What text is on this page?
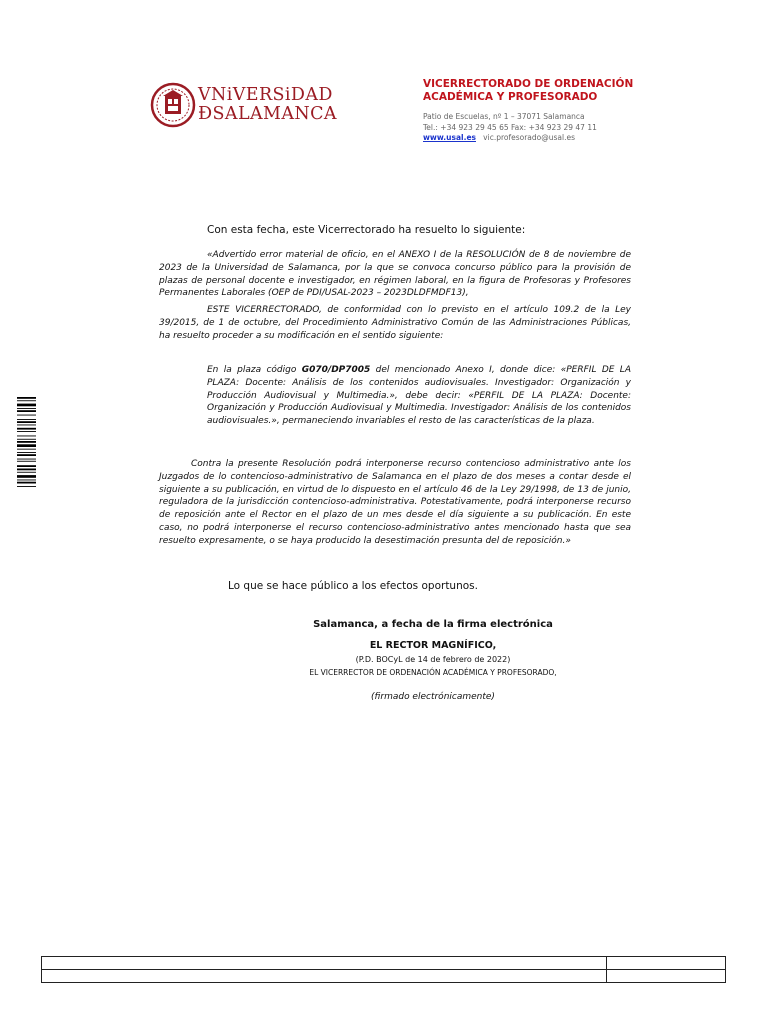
VNiVERSiDAD
ÐSALAMANCA
VICERRECTORADO DE ORDENACIÓN
ACADÉMICA Y PROFESORADO
Patio de Escuelas, nº 1 – 37071 Salamanca
Tel.: +34 923 29 45 65 Fax: +34 923 29 47 11
www.usal.es vic.profesorado@usal.es
Con esta fecha, este Vicerrectorado ha resuelto lo siguiente:
«Advertido error material de oficio, en el ANEXO I de la RESOLUCIÓN de 8 de noviembre de 2023 de la Universidad de Salamanca, por la que se convoca concurso público para la provisión de plazas de personal docente e investigador, en régimen laboral, en la figura de Profesoras y Profesores Permanentes Laborales (OEP de PDI/USAL-2023 – 2023DLDFMDF13),
ESTE VICERRECTORADO, de conformidad con lo previsto en el artículo 109.2 de la Ley 39/2015, de 1 de octubre, del Procedimiento Administrativo Común de las Administraciones Públicas, ha resuelto proceder a su modificación en el sentido siguiente:
En la plaza código G070/DP7005 del mencionado Anexo I, donde dice: «PERFIL DE LA PLAZA: Docente: Análisis de los contenidos audiovisuales. Investigador: Organización y Producción Audiovisual y Multimedia.», debe decir: «PERFIL DE LA PLAZA: Docente: Organización y Producción Audiovisual y Multimedia. Investigador: Análisis de los contenidos audiovisuales.», permaneciendo invariables el resto de las características de la plaza.
Contra la presente Resolución podrá interponerse recurso contencioso administrativo ante los Juzgados de lo contencioso-administrativo de Salamanca en el plazo de dos meses a contar desde el siguiente a su publicación, en virtud de lo dispuesto en el artículo 46 de la Ley 29/1998, de 13 de junio, reguladora de la jurisdicción contencioso-administrativa. Potestativamente, podrá interponerse recurso de reposición ante el Rector en el plazo de un mes desde el día siguiente a su publicación. En este caso, no podrá interponerse el recurso contencioso-administrativo antes mencionado hasta que sea resuelto expresamente, o se haya producido la desestimación presunta del de reposición.»
Lo que se hace público a los efectos oportunos.
Salamanca, a fecha de la firma electrónica
EL RECTOR MAGNÍFICO,
(P.D. BOCyL de 14 de febrero de 2022)
EL VICERRECTOR DE ORDENACIÓN ACADÉMICA Y PROFESORADO,
(firmado electrónicamente)
